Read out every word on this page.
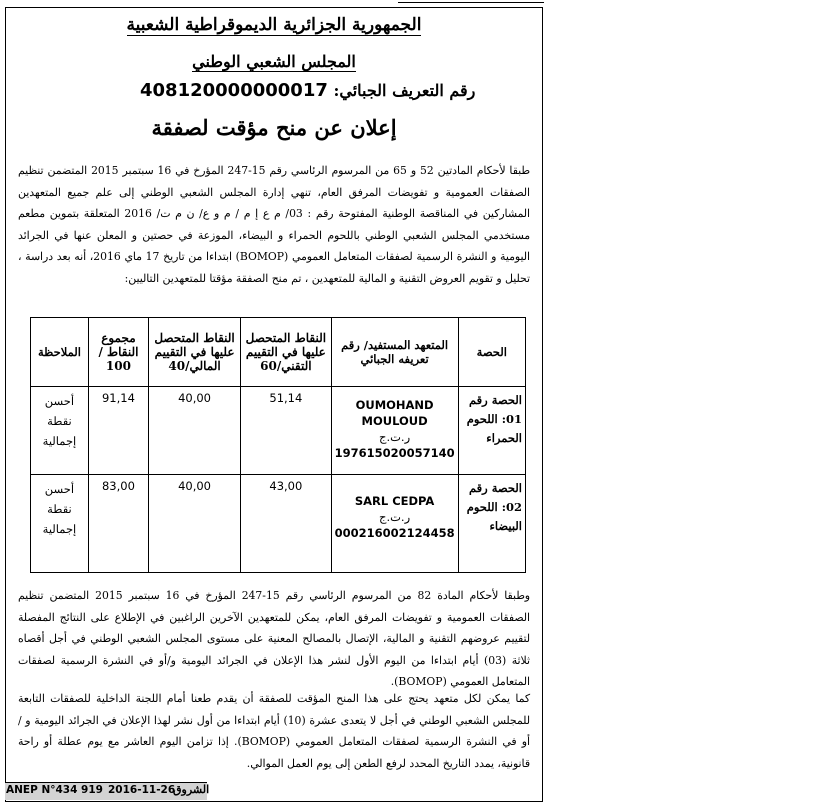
الجمهورية الجزائرية الديموقراطية الشعبية
المجلس الشعبي الوطني
رقم التعريف الجبائي: 408120000000017
إعلان عن منح مؤقت لصفقة
طبقا لأحكام المادتين 52 و 65 من المرسوم الرئاسي رقم 15-247 المؤرخ في 16 سبتمبر 2015 المتضمن تنظيم الصفقات العمومية و تفويضات المرفق العام، تنهي إدارة المجلس الشعبي الوطني إلى علم جميع المتعهدين المشاركين في المناقصة الوطنية المفتوحة رقم : 03/ م ع إ م / م و ع/ ن م ت/ 2016 المتعلقة بتموين مطعم مستخدمي المجلس الشعبي الوطني باللحوم الحمراء و البيضاء، الموزعة في حصتين و المعلن عنها في الجرائد اليومية و النشرة الرسمية لصفقات المتعامل العمومي (BOMOP) ابتداءا من تاريخ 17 ماي 2016، أنه بعد دراسة ، تحليل و تقويم العروض التقنية و المالية للمتعهدين ، تم منح الصفقة مؤقتا للمتعهدين التاليين:
الحصة	المتعهد المستفيد/ رقم تعريفه الجبائي	النقاط المتحصل عليها في التقييم التقني/60	النقاط المتحصل عليها في التقييم المالي/40	مجموع النقاط / 100	الملاحظة
الحصة رقم 01: اللحوم الحمراء	OUMOHAND
MOULOUD
ر.ت.ج
197615020057140	51,14	40,00	91,14	أحسن نقطة إجمالية
الحصة رقم 02: اللحوم البيضاء	SARL CEDPA
ر.ت.ج
000216002124458	43,00	40,00	83,00	أحسن نقطة إجمالية
وطبقا لأحكام المادة 82 من المرسوم الرئاسي رقم 15-247 المؤرخ في 16 سبتمبر 2015 المتضمن تنظيم الصفقات العمومية و تفويضات المرفق العام، يمكن للمتعهدين الآخرين الراغبين في الإطلاع على النتائج المفصلة لتقييم عروضهم التقنية و المالية، الإتصال بالمصالح المعنية على مستوى المجلس الشعبي الوطني في أجل أقصاه ثلاثة (03) أيام ابتداءا من اليوم الأول لنشر هذا الإعلان في الجرائد اليومية و/أو في النشرة الرسمية لصفقات المتعامل العمومي (BOMOP).
كما يمكن لكل متعهد يحتج على هذا المنح المؤقت للصفقة أن يقدم طعنا أمام اللجنة الداخلية للصفقات التابعة للمجلس الشعبي الوطني في أجل لا يتعدى عشرة (10) أيام ابتداءا من أول نشر لهذا الإعلان في الجرائد اليومية و / أو في النشرة الرسمية لصفقات المتعامل العمومي (BOMOP). إذا تزامن اليوم العاشر مع يوم عطلة أو راحة قانونية، يمدد التاريخ المحدد لرفع الطعن إلى يوم العمل الموالي.
ANEP N°434 919 2016-11-26
الشروق
